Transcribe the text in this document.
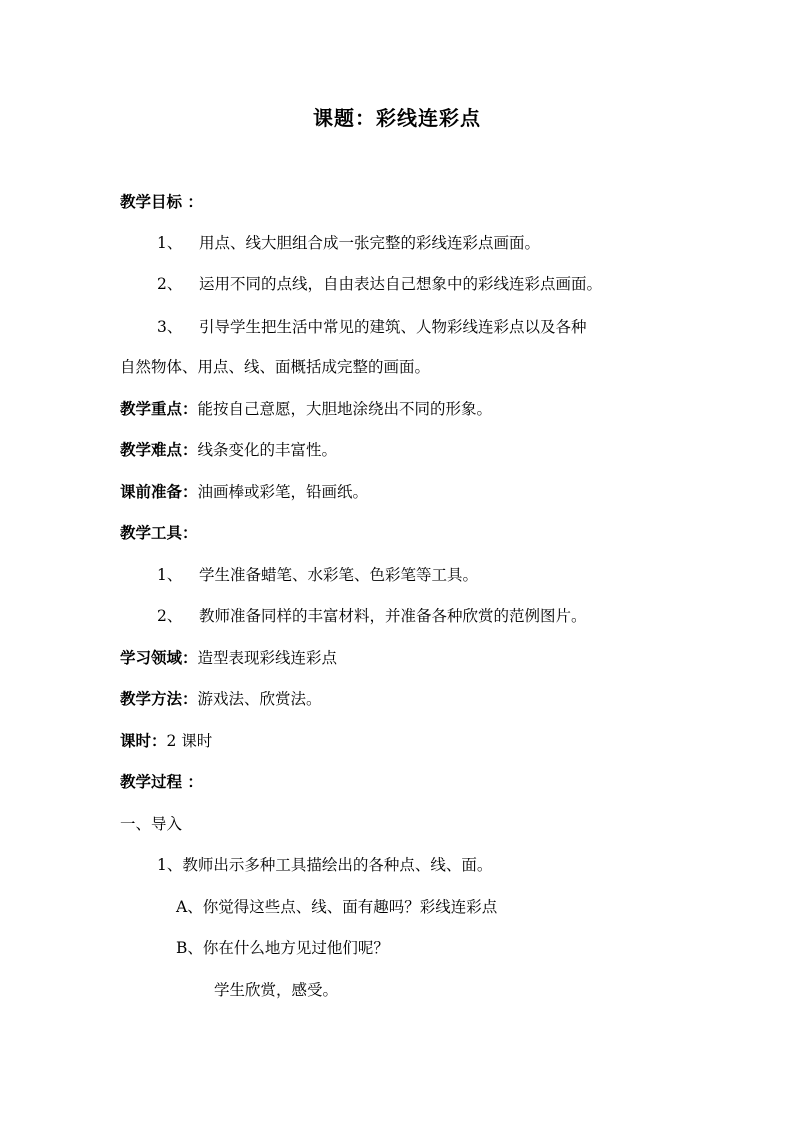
课题：彩线连彩点
教学目标 ：
1、 用点、线大胆组合成一张完整的彩线连彩点画面。
2、 运用不同的点线，自由表达自己想象中的彩线连彩点画面。
3、 引导学生把生活中常见的建筑、人物彩线连彩点以及各种
自然物体、用点、线、面概括成完整的画面。
教学重点：能按自己意愿，大胆地涂绕出不同的形象。
教学难点：线条变化的丰富性。
课前准备：油画棒或彩笔，铅画纸。
教学工具：
1、 学生准备蜡笔、水彩笔、色彩笔等工具。
2、 教师准备同样的丰富材料，并准备各种欣赏的范例图片。
学习领域：造型表现彩线连彩点
教学方法：游戏法、欣赏法。
课时：2 课时
教学过程 ：
一、导入
1、教师出示多种工具描绘出的各种点、线、面。
A、你觉得这些点、线、面有趣吗？彩线连彩点
B、你在什么地方见过他们呢？
学生欣赏，感受。
